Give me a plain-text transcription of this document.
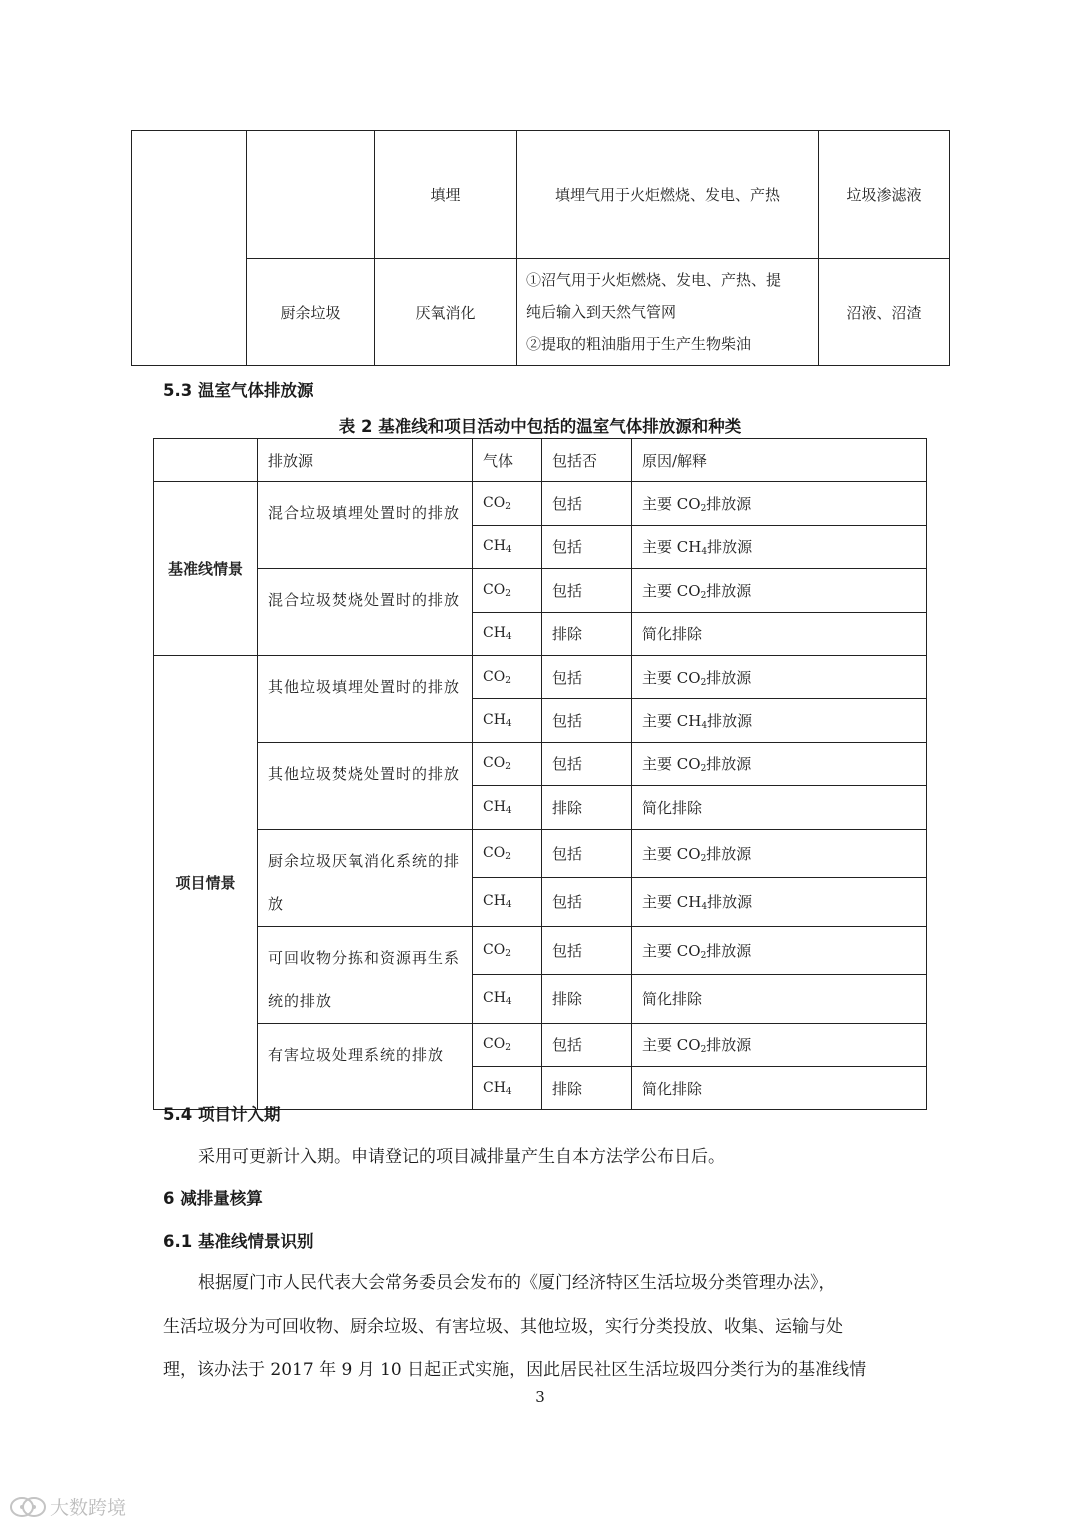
		填埋	填埋气用于火炬燃烧、发电、产热	垃圾渗滤液
	厨余垃圾	厌氧消化	①沼气用于火炬燃烧、发电、产热、提
纯后输入到天然气管网
②提取的粗油脂用于生产生物柴油	沼液、沼渣
5.3 温室气体排放源
表 2 基准线和项目活动中包括的温室气体排放源和种类
	排放源	气体	包括否	原因/解释
基准线情景	混合垃圾填埋处置时的排放	$CO_2$	包括	主要 $CO_2$排放源
		$CH_4$	包括	主要 $CH_4$排放源
	混合垃圾焚烧处置时的排放	$CO_2$	包括	主要 $CO_2$排放源
		$CH_4$	排除	简化排除
项目情景	其他垃圾填埋处置时的排放	$CO_2$	包括	主要 $CO_2$排放源
		$CH_4$	包括	主要 $CH_4$排放源
	其他垃圾焚烧处置时的排放	$CO_2$	包括	主要 $CO_2$排放源
		$CH_4$	排除	简化排除
	厨余垃圾厌氧消化系统的排放	$CO_2$	包括	主要 $CO_2$排放源
		$CH_4$	包括	主要 $CH_4$排放源
	可回收物分拣和资源再生系统的排放	$CO_2$	包括	主要 $CO_2$排放源
		$CH_4$	排除	简化排除
	有害垃圾处理系统的排放	$CO_2$	包括	主要 $CO_2$排放源
		$CH_4$	排除	简化排除
5.4 项目计入期
采用可更新计入期。申请登记的项目减排量产生自本方法学公布日后。
6 减排量核算
6.1 基准线情景识别
根据厦门市人民代表大会常务委员会发布的《厦门经济特区生活垃圾分类管理办法》，
生活垃圾分为可回收物、厨余垃圾、有害垃圾、其他垃圾，实行分类投放、收集、运输与处
理，该办法于 2017 年 9 月 10 日起正式实施，因此居民社区生活垃圾四分类行为的基准线情
3
大数跨境
